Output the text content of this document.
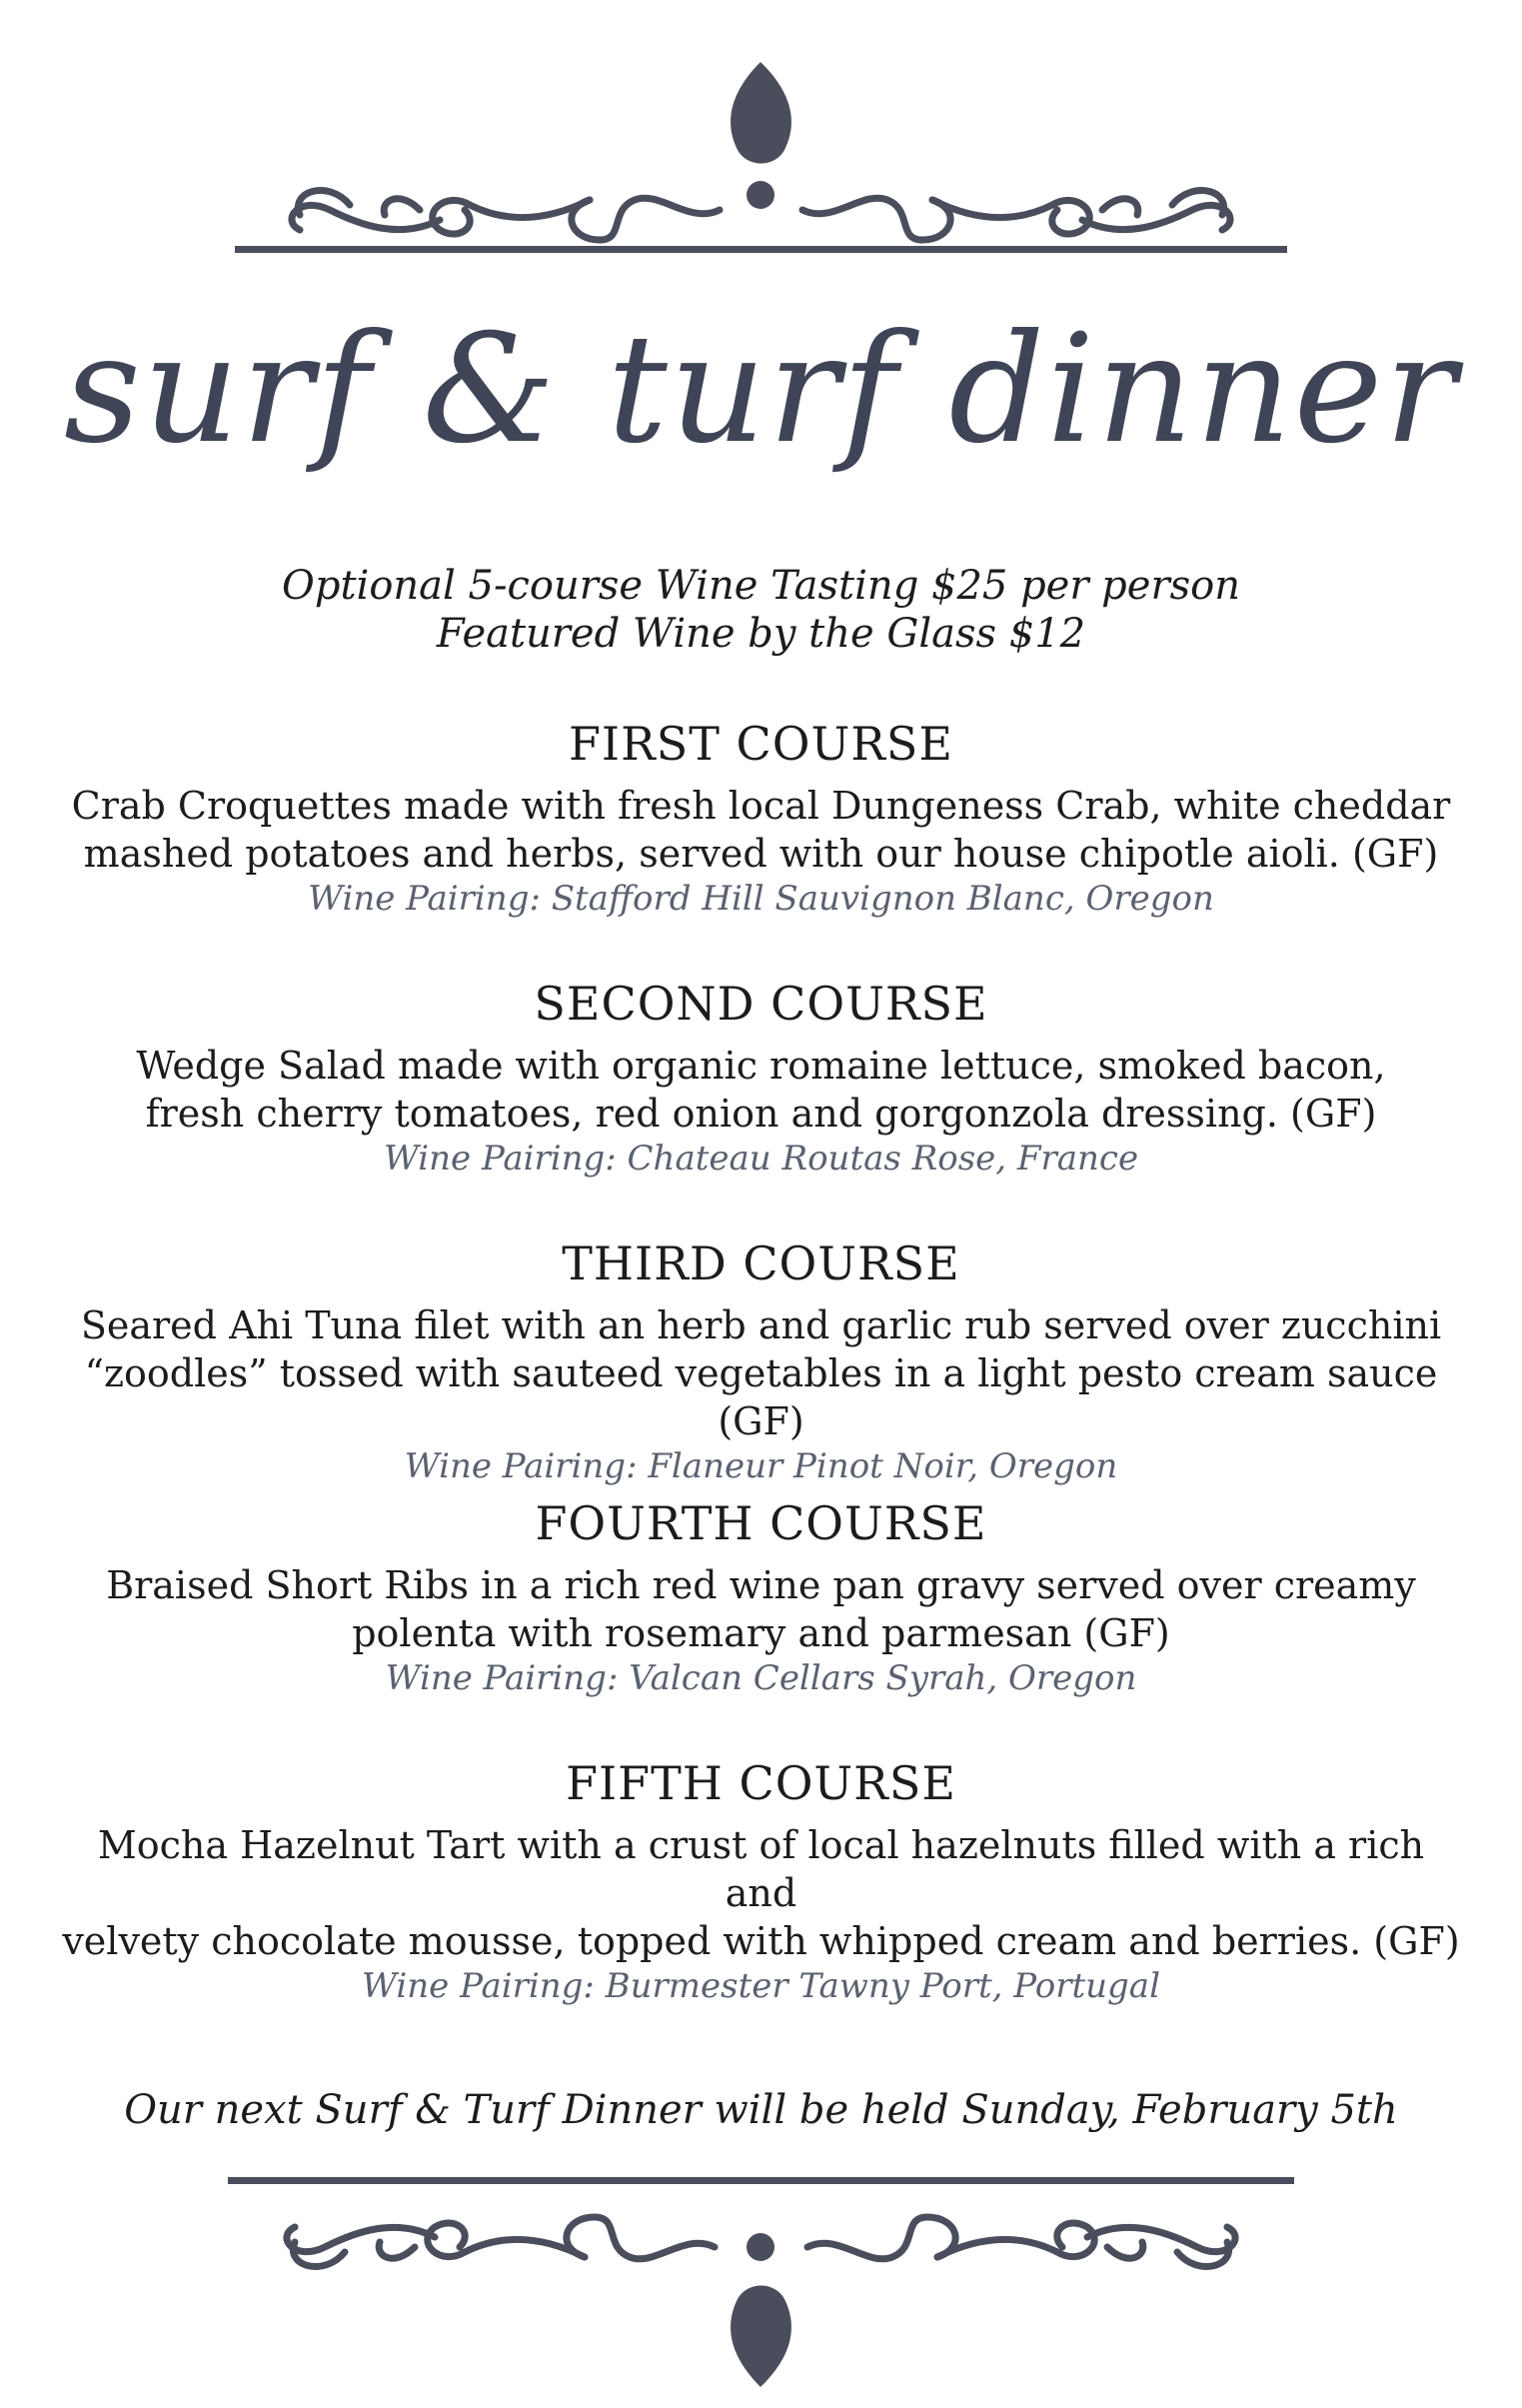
surf & turf dinner
Optional 5-course Wine Tasting $25 per person
Featured Wine by the Glass $12
FIRST COURSE

Crab Croquettes made with fresh local Dungeness Crab, white cheddar
mashed potatoes and herbs, served with our house chipotle aioli. (GF)

Wine Pairing: Stafford Hill Sauvignon Blanc, Oregon

SECOND COURSE

Wedge Salad made with organic romaine lettuce, smoked bacon,
fresh cherry tomatoes, red onion and gorgonzola dressing. (GF)

Wine Pairing: Chateau Routas Rose, France

THIRD COURSE

Seared Ahi Tuna filet with an herb and garlic rub served over zucchini
“zoodles” tossed with sauteed vegetables in a light pesto cream sauce (GF)

Wine Pairing: Flaneur Pinot Noir, Oregon

FOURTH COURSE

Braised Short Ribs in a rich red wine pan gravy served over creamy
polenta with rosemary and parmesan (GF)

Wine Pairing: Valcan Cellars Syrah, Oregon

FIFTH COURSE

Mocha Hazelnut Tart with a crust of local hazelnuts filled with a rich and
velvety chocolate mousse, topped with whipped cream and berries. (GF)

Wine Pairing: Burmester Tawny Port, Portugal

Our next Surf & Turf Dinner will be held Sunday, February 5th
